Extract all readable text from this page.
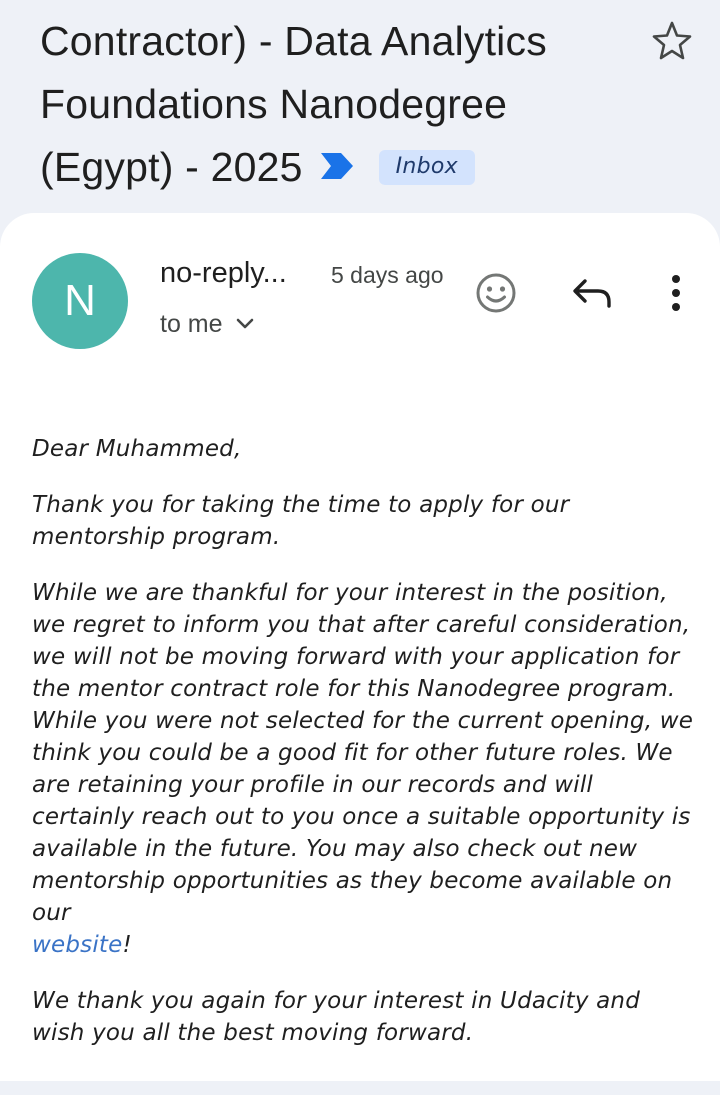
Contractor) - Data Analytics
Foundations Nanodegree
(Egypt) - 2025	Inbox
N
no-reply... 5 days ago
to me

Dear Muhammed,

Thank you for taking the time to apply for our mentorship program.

While we are thankful for your interest in the position, we regret to inform you that after careful consideration, we will not be moving forward with your application for the mentor contract role for this Nanodegree program. While you were not selected for the current opening, we think you could be a good fit for other future roles. We are retaining your profile in our records and will certainly reach out to you once a suitable opportunity is available in the future. You may also check out new mentorship opportunities as they become available on our
website!

We thank you again for your interest in Udacity and wish you all the best moving forward.
